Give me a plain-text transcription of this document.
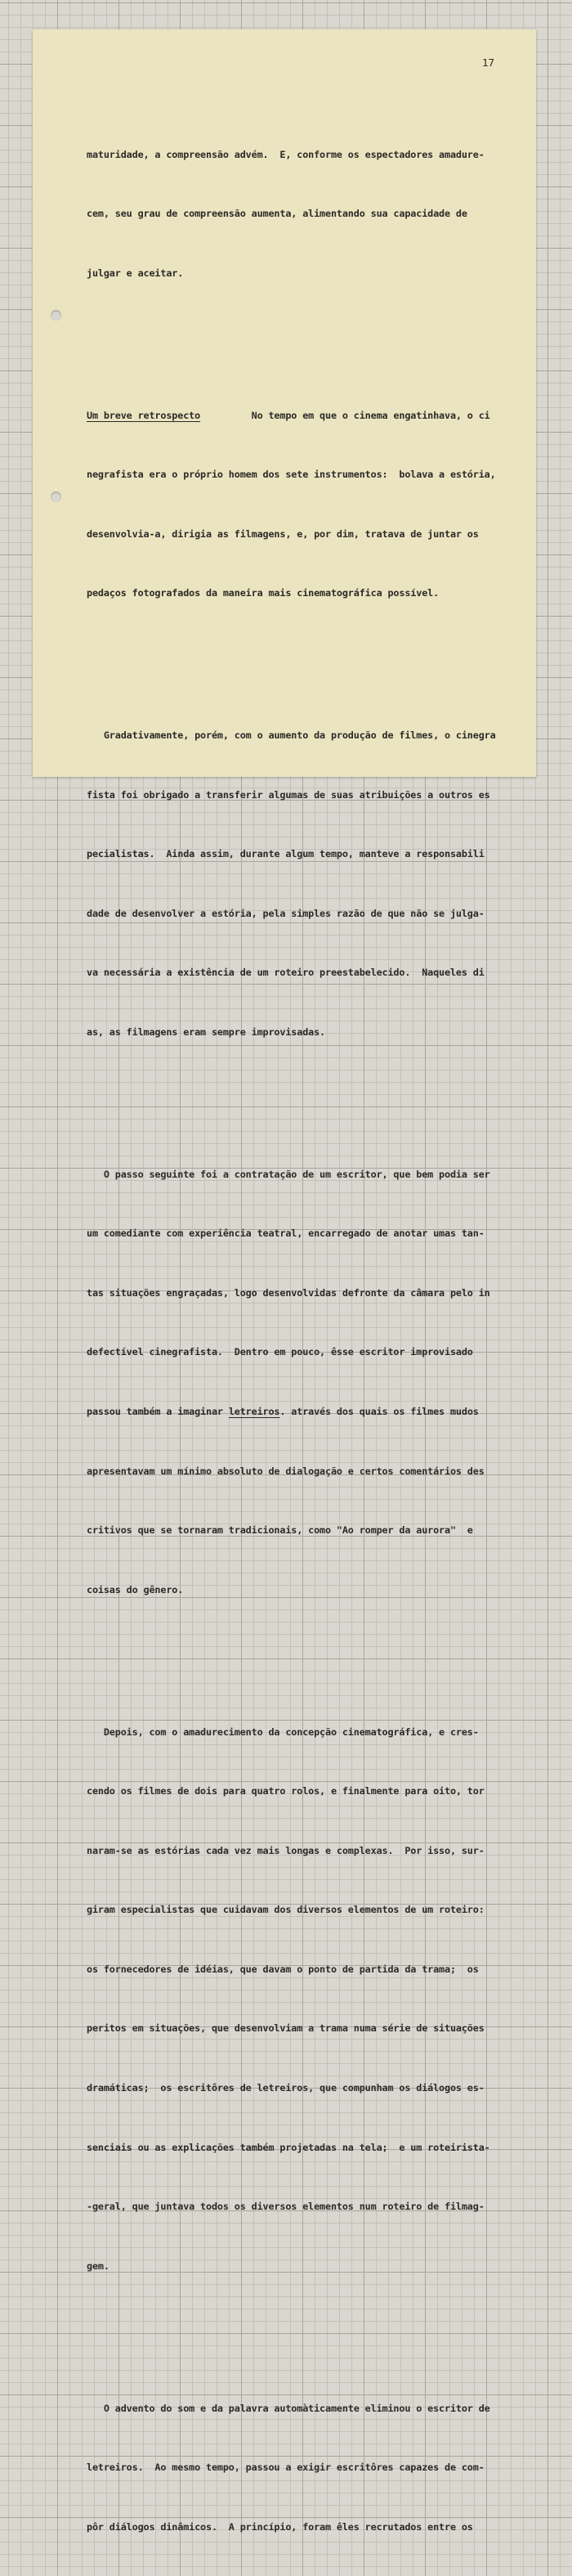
17

maturidade, a compreensão advém.  E, conforme os espectadores amadure-

cem, seu grau de compreensão aumenta, alimentando sua capacidade de

julgar e aceitar.

Um breve retrospecto         No tempo em que o cinema engatinhava, o ci

negrafista era o próprio homem dos sete instrumentos:  bolava a estória,

desenvolvia-a, dirigia as filmagens, e, por dim, tratava de juntar os

pedaços fotografados da maneira mais cinematográfica possível.

Gradativamente, porém, com o aumento da produção de filmes, o cinegra

fista foi obrigado a transferir algumas de suas atribuições a outros es

pecialistas.  Ainda assim, durante algum tempo, manteve a responsabili

dade de desenvolver a estória, pela simples razão de que não se julga-

va necessária a existência de um roteiro preestabelecido.  Naqueles di

as, as filmagens eram sempre improvisadas.

O passo seguinte foi a contratação de um escritor, que bem podia ser

um comediante com experiência teatral, encarregado de anotar umas tan-

tas situações engraçadas, logo desenvolvidas defronte da câmara pelo in

defectível cinegrafista.  Dentro em pouco, êsse escritor improvisado

passou também a imaginar letreiros. através dos quais os filmes mudos

apresentavam um mínimo absoluto de dialogação e certos comentários des

critivos que se tornaram tradicionais, como "Ao romper da aurora"  e

coisas do gênero.

Depois, com o amadurecimento da concepção cinematográfica, e cres-

cendo os filmes de dois para quatro rolos, e finalmente para oito, tor

naram-se as estórias cada vez mais longas e complexas.  Por isso, sur-

giram especialistas que cuidavam dos diversos elementos de um roteiro:

os fornecedores de idéias, que davam o ponto de partida da trama;  os

peritos em situações, que desenvolviam a trama numa série de situações

dramáticas;  os escritôres de letreiros, que compunham os diálogos es-

senciais ou as explicações também projetadas na tela;  e um roteirista-

-geral, que juntava todos os diversos elementos num roteiro de filmag-

gem.

O advento do som e da palavra automàticamente eliminou o escritor de

letreiros.  Ao mesmo tempo, passou a exigir escritôres capazes de com-

pôr diálogos dinâmicos.  A princípio, foram êles recrutados entre os
